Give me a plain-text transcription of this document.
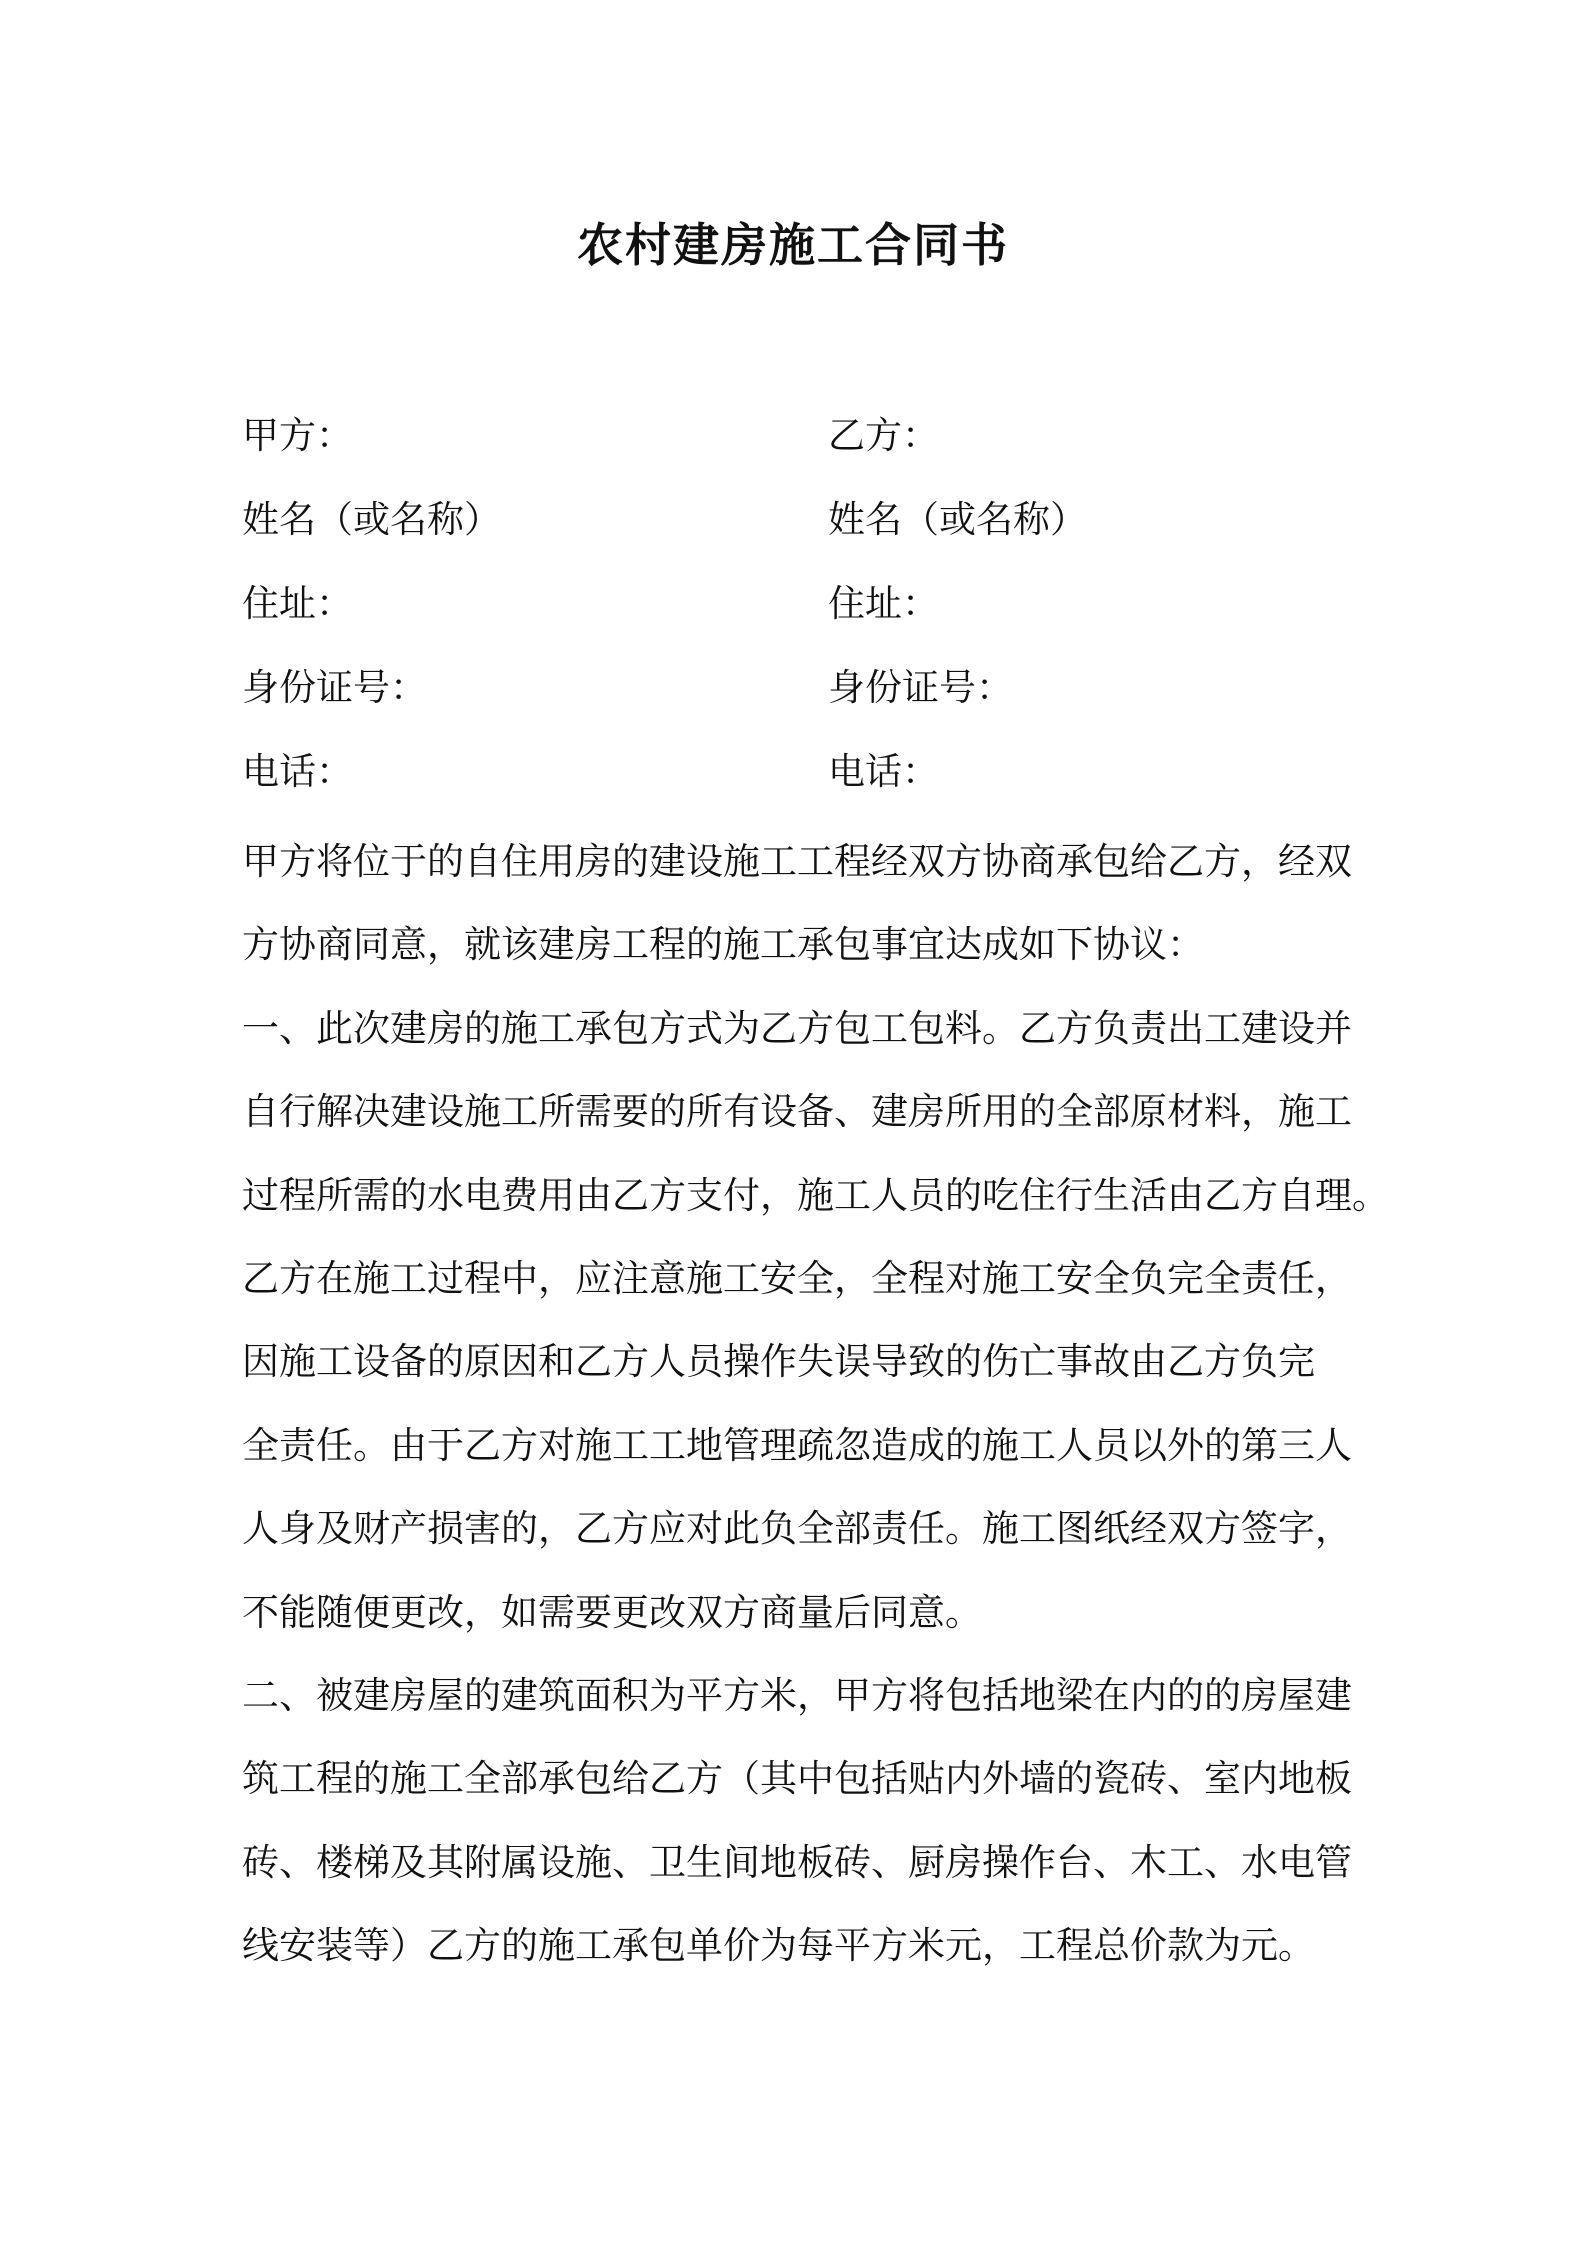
农村建房施工合同书
甲方：	乙方：
姓名（或名称）	姓名（或名称）
住址：	住址：
身份证号：	身份证号：
电话：	电话：

甲方将位于的自住用房的建设施工工程经双方协商承包给乙方，经双
方协商同意，就该建房工程的施工承包事宜达成如下协议：

一、此次建房的施工承包方式为乙方包工包料。乙方负责出工建设并
自行解决建设施工所需要的所有设备、建房所用的全部原材料，施工
过程所需的水电费用由乙方支付，施工人员的吃住行生活由乙方自理。
乙方在施工过程中，应注意施工安全，全程对施工安全负完全责任，
因施工设备的原因和乙方人员操作失误导致的伤亡事故由乙方负完
全责任。由于乙方对施工工地管理疏忽造成的施工人员以外的第三人
人身及财产损害的，乙方应对此负全部责任。施工图纸经双方签字，
不能随便更改，如需要更改双方商量后同意。

二、被建房屋的建筑面积为平方米，甲方将包括地梁在内的的房屋建
筑工程的施工全部承包给乙方（其中包括贴内外墙的瓷砖、室内地板
砖、楼梯及其附属设施、卫生间地板砖、厨房操作台、木工、水电管
线安装等）乙方的施工承包单价为每平方米元，工程总价款为元。
